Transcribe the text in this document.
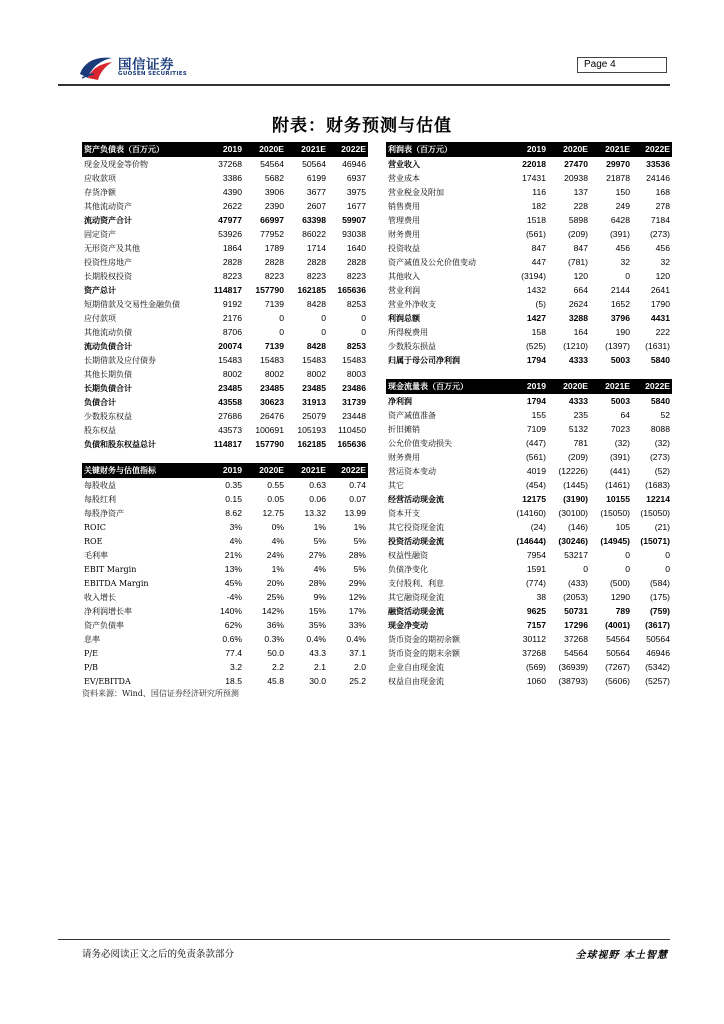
国信证券
GUOSEN SECURITIES
Page 4
附表：财务预测与估值
资产负债表（百万元）	2019	2020E	2021E	2022E
现金及现金等价物	37268	54564	50564	46946
应收款项	3386	5682	6199	6937
存货净额	4390	3906	3677	3975
其他流动资产	2622	2390	2607	1677
流动资产合计	47977	66997	63398	59907
固定资产	53926	77952	86022	93038
无形资产及其他	1864	1789	1714	1640
投资性房地产	2828	2828	2828	2828
长期股权投资	8223	8223	8223	8223
资产总计	114817	157790	162185	165636
短期借款及交易性金融负债	9192	7139	8428	8253
应付款项	2176	0	0	0
其他流动负债	8706	0	0	0
流动负债合计	20074	7139	8428	8253
长期借款及应付债券	15483	15483	15483	15483
其他长期负债	8002	8002	8002	8003
长期负债合计	23485	23485	23485	23486
负债合计	43558	30623	31913	31739
少数股东权益	27686	26476	25079	23448
股东权益	43573	100691	105193	110450
负债和股东权益总计	114817	157790	162185	165636
利润表（百万元）	2019	2020E	2021E	2022E
营业收入	22018	27470	29970	33536
营业成本	17431	20938	21878	24146
营业税金及附加	116	137	150	168
销售费用	182	228	249	278
管理费用	1518	5898	6428	7184
财务费用	(561)	(209)	(391)	(273)
投资收益	847	847	456	456
资产减值及公允价值变动	447	(781)	32	32
其他收入	(3194)	120	0	120
营业利润	1432	664	2144	2641
营业外净收支	(5)	2624	1652	1790
利润总额	1427	3288	3796	4431
所得税费用	158	164	190	222
少数股东损益	(525)	(1210)	(1397)	(1631)
归属于母公司净利润	1794	4333	5003	5840
关键财务与估值指标	2019	2020E	2021E	2022E
每股收益	0.35	0.55	0.63	0.74
每股红利	0.15	0.05	0.06	0.07
每股净资产	8.62	12.75	13.32	13.99
ROIC	3%	0%	1%	1%
ROE	4%	4%	5%	5%
毛利率	21%	24%	27%	28%
EBIT Margin	13%	1%	4%	5%
EBITDA Margin	45%	20%	28%	29%
收入增长	-4%	25%	9%	12%
净利润增长率	140%	142%	15%	17%
资产负债率	62%	36%	35%	33%
息率	0.6%	0.3%	0.4%	0.4%
P/E	77.4	50.0	43.3	37.1
P/B	3.2	2.2	2.1	2.0
EV/EBITDA	18.5	45.8	30.0	25.2
现金流量表（百万元）	2019	2020E	2021E	2022E
净利润	1794	4333	5003	5840
资产减值准备	155	235	64	52
折旧摊销	7109	5132	7023	8088
公允价值变动损失	(447)	781	(32)	(32)
财务费用	(561)	(209)	(391)	(273)
营运资本变动	4019	(12226)	(441)	(52)
其它	(454)	(1445)	(1461)	(1683)
经营活动现金流	12175	(3190)	10155	12214
资本开支	(14160)	(30100)	(15050)	(15050)
其它投资现金流	(24)	(146)	105	(21)
投资活动现金流	(14644)	(30246)	(14945)	(15071)
权益性融资	7954	53217	0	0
负债净变化	1591	0	0	0
支付股利、利息	(774)	(433)	(500)	(584)
其它融资现金流	38	(2053)	1290	(175)
融资活动现金流	9625	50731	789	(759)
现金净变动	7157	17296	(4001)	(3617)
货币资金的期初余额	30112	37268	54564	50564
货币资金的期末余额	37268	54564	50564	46946
企业自由现金流	(569)	(36939)	(7267)	(5342)
权益自由现金流	1060	(38793)	(5606)	(5257)
资料来源：Wind、国信证券经济研究所预测
请务必阅读正文之后的免责条款部分	全球视野 本土智慧
